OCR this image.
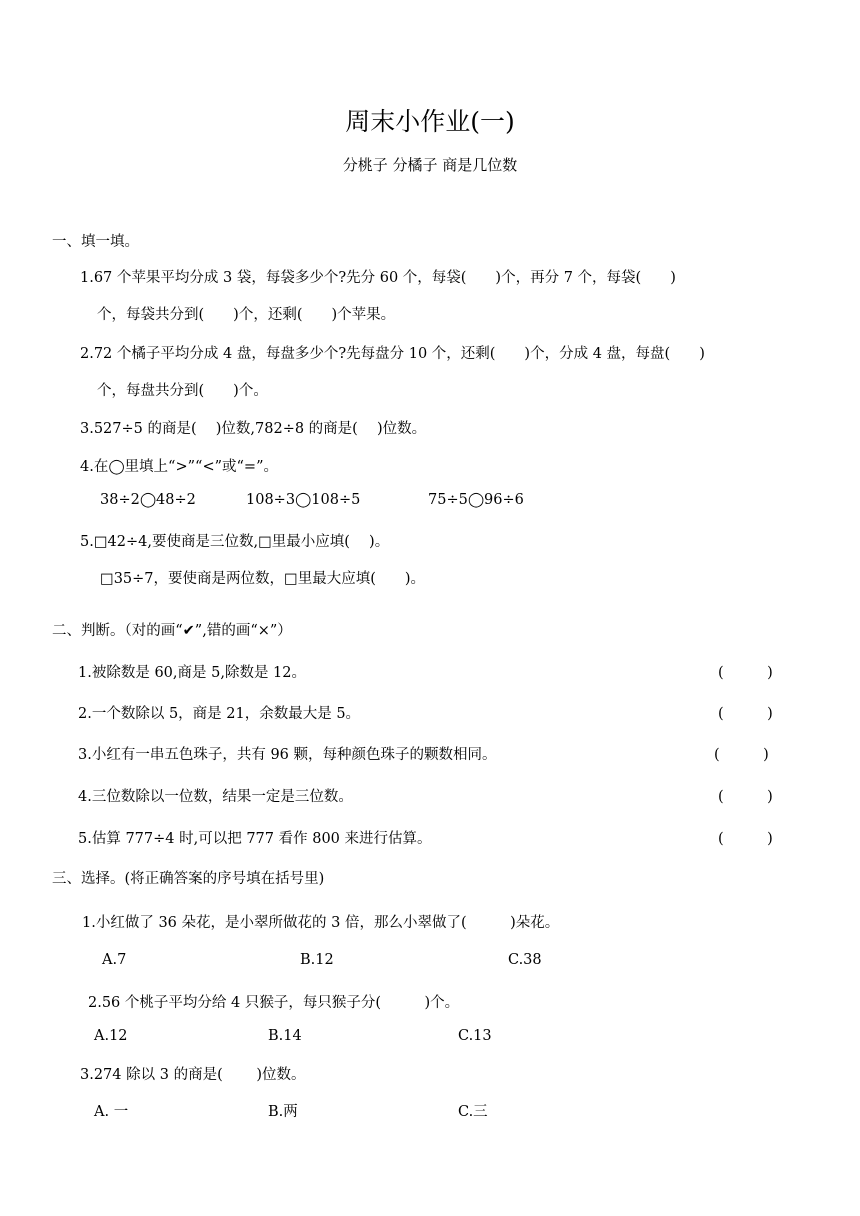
周末小作业(一)
分桃子 分橘子 商是几位数
一、填一填。
1.67 个苹果平均分成 3 袋，每袋多少个?先分 60 个，每袋(　　)个，再分 7 个，每袋(　　)
个，每袋共分到(　　)个，还剩(　　)个苹果。
2.72 个橘子平均分成 4 盘，每盘多少个?先每盘分 10 个，还剩(　　)个，分成 4 盘，每盘(　　)
个，每盘共分到(　　)个。
3.527÷5 的商是(　 )位数,782÷8 的商是(　 )位数。
4.在◯里填上“>”“<”或“=”。
38÷2◯48÷2	108÷3◯108÷5	75÷5◯96÷6
5.□42÷4,要使商是三位数,□里最小应填(　 )。
□35÷7，要使商是两位数，□里最大应填(　　)。
二、判断。（对的画“✔”,错的画“×”）
1.被除数是 60,商是 5,除数是 12。	(　　　)
2.一个数除以 5，商是 21，余数最大是 5。	(　　　)
3.小红有一串五色珠子，共有 96 颗，每种颜色珠子的颗数相同。	(　　　)
4.三位数除以一位数，结果一定是三位数。	(　　　)
5.估算 777÷4 时,可以把 777 看作 800 来进行估算。	(　　　)
三、选择。(将正确答案的序号填在括号里)
1.小红做了 36 朵花，是小翠所做花的 3 倍，那么小翠做了(　　　)朵花。
A.7	B.12	C.38
2.56 个桃子平均分给 4 只猴子，每只猴子分(　　　)个。
A.12	B.14	C.13
3.274 除以 3 的商是(　　 )位数。
A. 一	B.两	C.三
